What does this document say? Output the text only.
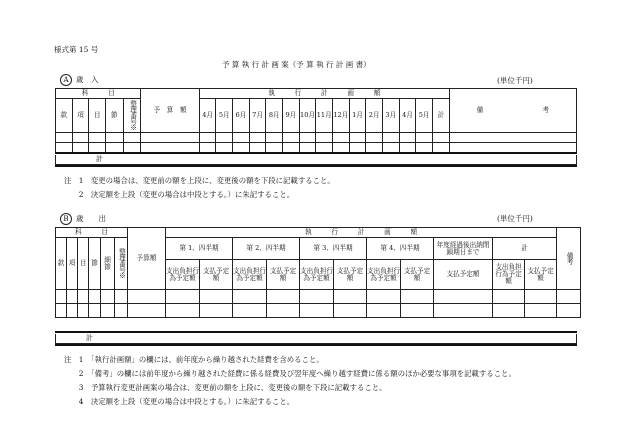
様式第 15 号
予 算 執 行 計 画 案（予 算 執 行 計 画 書）
A 歳　入	(単位千円)
科　　　目					予　算　額	執　　　行　　　計　　　画　　　額															備　　　　　　　　　考
款	項	目	節	整理番号※		4月	5月	6月	7月	8月	9月	10月	11月	12月	1月	2月	3月	4月	5月	計	

計
注　1　変更の場合は、変更前の額を上段に、変更後の額を下段に記載すること。
　　2　決定額を上段（変更の場合は中段とする。）に朱記すること。
B 歳　　出	(単位千円)
科　　　目						予算額	執　　　行　　　計　　　画　　　額											備考
款	項	目	節	細節	整理番号※		第 1、四半期		第 2、四半期		第 3、四半期		第 4、四半期		年度経過後出納閉鎖期日まで	計		
							支出負担行為予定額	支払予定額	支出負担行為予定額	支払予定額	支出負担行為予定額	支払予定額	支出負担行為予定額	支払予定額	支払予定額	支出負担行為予定額	支払予定額	

計
注　1　「執行計画額」の欄には、前年度から繰り越された経費を含めること。
　　2　「備考」の欄には前年度から繰り越された経費に係る経費及び翌年度へ繰り越す経費に係る額のほか必要な事項を記載すること。
　　3　予算執行変更計画案の場合は、変更前の額を上段に、変更後の額を下段に記載すること。
　　4　決定額を上段（変更の場合は中段とする。）に朱記すること。
